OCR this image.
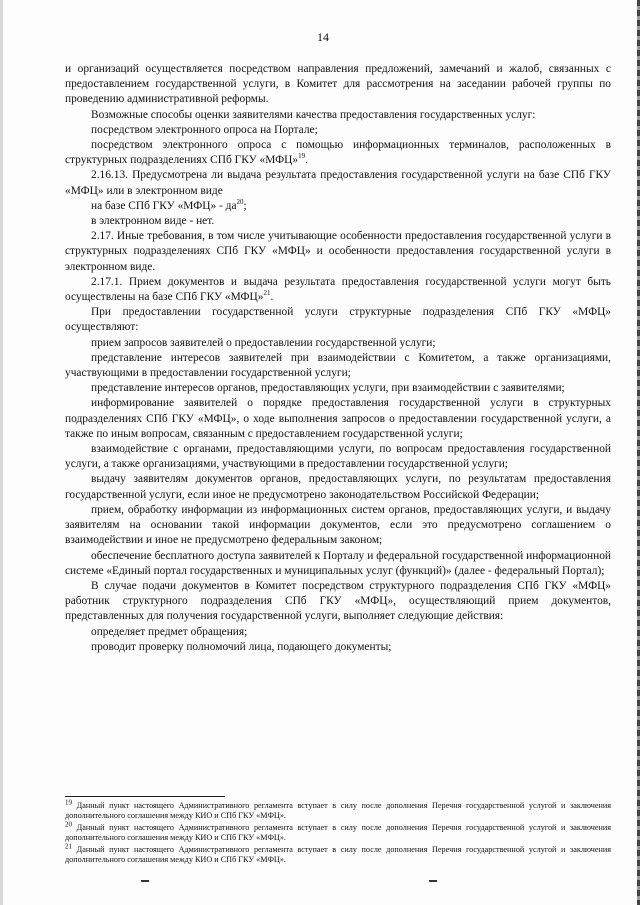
14

и организаций осуществляется посредством направления предложений, замечаний и жалоб, связанных с предоставлением государственной услуги, в Комитет для рассмотрения на заседании рабочей группы по проведению административной реформы.

Возможные способы оценки заявителями качества предоставления государственных услуг:

посредством электронного опроса на Портале;

посредством электронного опроса с помощью информационных терминалов, расположенных в структурных подразделениях СПб ГКУ «МФЦ»$^{19}$.

2.16.13. Предусмотрена ли выдача результата предоставления государственной услуги на базе СПб ГКУ «МФЦ» или в электронном виде

на базе СПб ГКУ «МФЦ» - $да^{20}$;

в электронном виде - нет.

2.17. Иные требования, в том числе учитывающие особенности предоставления государственной услуги в структурных подразделениях СПб ГКУ «МФЦ» и особенности предоставления государственной услуги в электронном виде.

2.17.1. Прием документов и выдача результата предоставления государственной услуги могут быть осуществлены на базе СПб ГКУ «МФЦ»$^{21}$.

При предоставлении государственной услуги структурные подразделения СПб ГКУ «МФЦ» осуществляют:

прием запросов заявителей о предоставлении государственной услуги;

представление интересов заявителей при взаимодействии с Комитетом, а также организациями, участвующими в предоставлении государственной услуги;

представление интересов органов, предоставляющих услуги, при взаимодействии с заявителями;

информирование заявителей о порядке предоставления государственной услуги в структурных подразделениях СПб ГКУ «МФЦ», о ходе выполнения запросов о предоставлении государственной услуги, а также по иным вопросам, связанным с предоставлением государственной услуги;

взаимодействие с органами, предоставляющими услуги, по вопросам предоставления государственной услуги, а также организациями, участвующими в предоставлении государственной услуги;

выдачу заявителям документов органов, предоставляющих услуги, по результатам предоставления государственной услуги, если иное не предусмотрено законодательством Российской Федерации;

прием, обработку информации из информационных систем органов, предоставляющих услуги, и выдачу заявителям на основании такой информации документов, если это предусмотрено соглашением о взаимодействии и иное не предусмотрено федеральным законом;

обеспечение бесплатного доступа заявителей к Порталу и федеральной государственной информационной системе «Единый портал государственных и муниципальных услуг (функций)» (далее - федеральный Портал);

В случае подачи документов в Комитет посредством структурного подразделения СПб ГКУ «МФЦ» работник структурного подразделения СПб ГКУ «МФЦ», осуществляющий прием документов, представленных для получения государственной услуги, выполняет следующие действия:

определяет предмет обращения;

проводит проверку полномочий лица, подающего документы;

$^{19}$ Данный пункт настоящего Административного регламента вступает в силу после дополнения Перечня государственной услугой и заключения дополнительного соглашения между КИО и СПб ГКУ «МФЦ».

$^{20}$ Данный пункт настоящего Административного регламента вступает в силу после дополнения Перечня государственной услугой и заключения дополнительного соглашения между КИО и СПб ГКУ «МФЦ».

$^{21}$ Данный пункт настоящего Административного регламента вступает в силу после дополнения Перечня государственной услугой и заключения дополнительного соглашения между КИО и СПб ГКУ «МФЦ».
